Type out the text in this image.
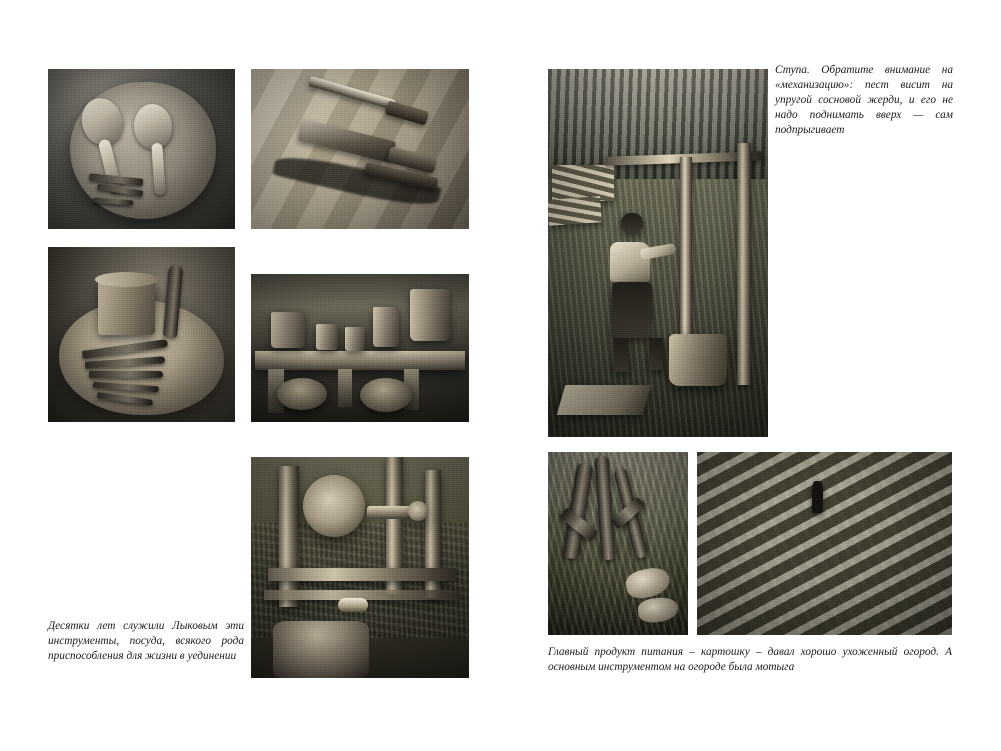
Ступа. Обратите внимание на «механизацию»: пест висит на упругой сосновой жерди, и его не надо поднимать вверх — сам подпрыгивает
Десятки лет служили Лыковым эти инструменты, посуда, всякого рода приспособления для жизни в уединении	Главный продукт питания – картошку – давал хорошо ухоженный огород. А основным инструментом на огороде была мотыга
